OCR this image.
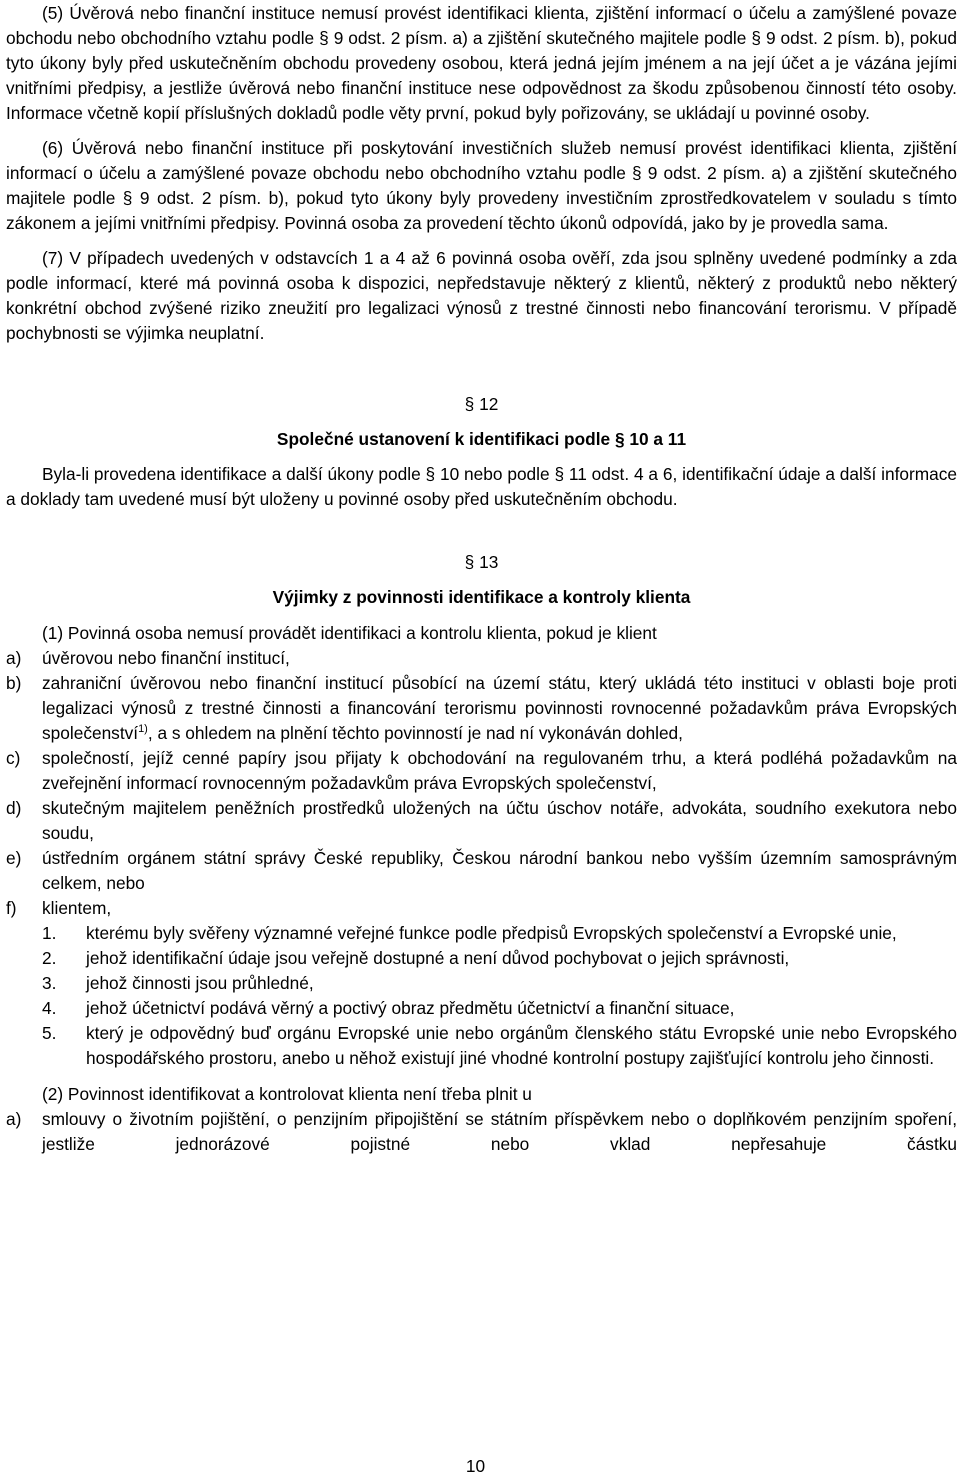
(5) Úvěrová nebo finanční instituce nemusí provést identifikaci klienta, zjištění informací o účelu a zamýšlené povaze obchodu nebo obchodního vztahu podle § 9 odst. 2 písm. a) a zjištění skutečného majitele podle § 9 odst. 2 písm. b), pokud tyto úkony byly před uskutečněním obchodu provedeny osobou, která jedná jejím jménem a na její účet a je vázána jejími vnitřními předpisy, a jestliže úvěrová nebo finanční instituce nese odpovědnost za škodu způsobenou činností této osoby. Informace včetně kopií příslušných dokladů podle věty první, pokud byly pořizovány, se ukládají u povinné osoby.

(6) Úvěrová nebo finanční instituce při poskytování investičních služeb nemusí provést identifikaci klienta, zjištění informací o účelu a zamýšlené povaze obchodu nebo obchodního vztahu podle § 9 odst. 2 písm. a) a zjištění skutečného majitele podle § 9 odst. 2 písm. b), pokud tyto úkony byly provedeny investičním zprostředkovatelem v souladu s tímto zákonem a jejími vnitřními předpisy. Povinná osoba za provedení těchto úkonů odpovídá, jako by je provedla sama.

(7) V případech uvedených v odstavcích 1 a 4 až 6 povinná osoba ověří, zda jsou splněny uvedené podmínky a zda podle informací, které má povinná osoba k dispozici, nepředstavuje některý z klientů, některý z produktů nebo některý konkrétní obchod zvýšené riziko zneužití pro legalizaci výnosů z trestné činnosti nebo financování terorismu. V případě pochybnosti se výjimka neuplatní.

§ 12
Společné ustanovení k identifikaci podle § 10 a 11

Byla-li provedena identifikace a další úkony podle § 10 nebo podle § 11 odst. 4 a 6, identifikační údaje a další informace a doklady tam uvedené musí být uloženy u povinné osoby před uskutečněním obchodu.

§ 13
Výjimky z povinnosti identifikace a kontroly klienta

(1) Povinná osoba nemusí provádět identifikaci a kontrolu klienta, pokud je klient

a) úvěrovou nebo finanční institucí,
b) zahraniční úvěrovou nebo finanční institucí působící na území státu, který ukládá této instituci v oblasti boje proti legalizaci výnosů z trestné činnosti a financování terorismu povinnosti rovnocenné požadavkům práva Evropských společenství$^{1)}$, a s ohledem na plnění těchto povinností je nad ní vykonáván dohled,
c) společností, jejíž cenné papíry jsou přijaty k obchodování na regulovaném trhu, a která podléhá požadavkům na zveřejnění informací rovnocenným požadavkům práva Evropských společenství,
d) skutečným majitelem peněžních prostředků uložených na účtu úschov notáře, advokáta, soudního exekutora nebo soudu,
e) ústředním orgánem státní správy České republiky, Českou národní bankou nebo vyšším územním samosprávným celkem, nebo
f) klientem,
1. kterému byly svěřeny významné veřejné funkce podle předpisů Evropských společenství a Evropské unie,
2. jehož identifikační údaje jsou veřejně dostupné a není důvod pochybovat o jejich správnosti,
3. jehož činnosti jsou průhledné,
4. jehož účetnictví podává věrný a poctivý obraz předmětu účetnictví a finanční situace,
5. který je odpovědný buď orgánu Evropské unie nebo orgánům členského státu Evropské unie nebo Evropského hospodářského prostoru, anebo u něhož existují jiné vhodné kontrolní postupy zajišťující kontrolu jeho činnosti.

(2) Povinnost identifikovat a kontrolovat klienta není třeba plnit u

a) smlouvy o životním pojištění, o penzijním připojištění se státním příspěvkem nebo o doplňkovém penzijním spoření, jestliže jednorázové pojistné nebo vklad nepřesahuje částku
10
